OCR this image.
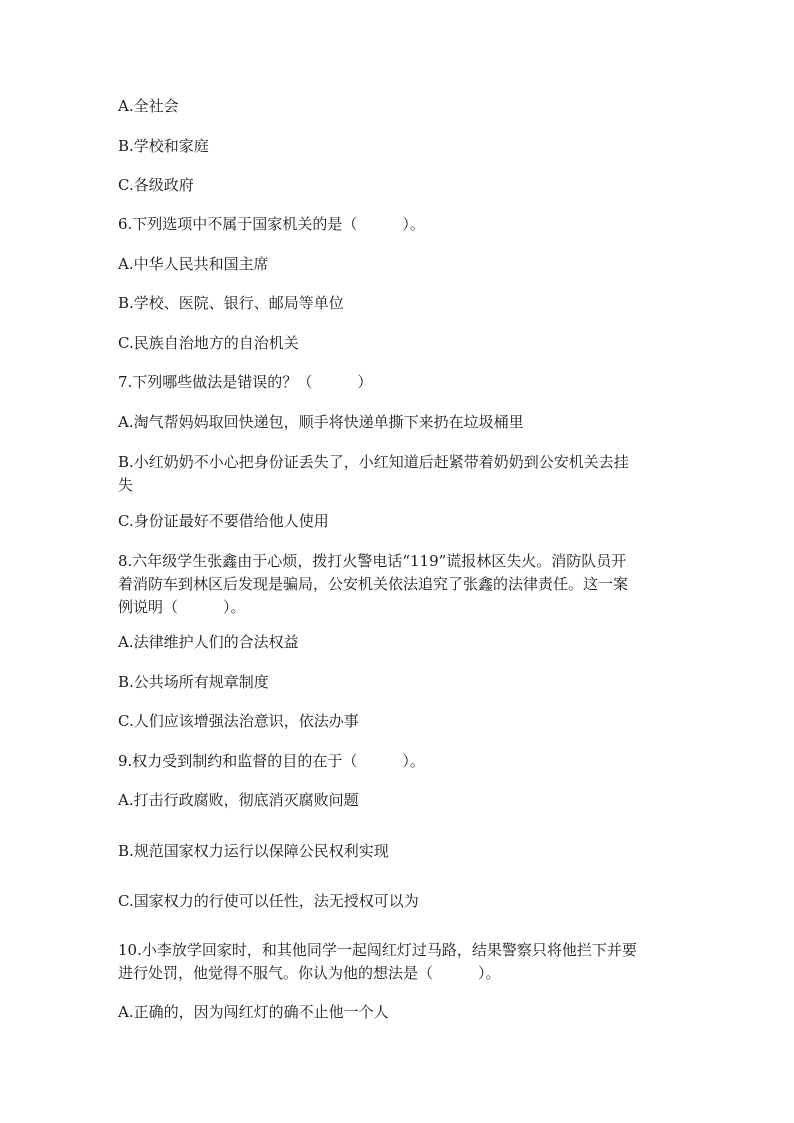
A.全社会

B.学校和家庭

C.各级政府

6.下列选项中不属于国家机关的是（　　　）。

A.中华人民共和国主席

B.学校、医院、银行、邮局等单位

C.民族自治地方的自治机关

7.下列哪些做法是错误的？（　　　）

A.淘气帮妈妈取回快递包，顺手将快递单撕下来扔在垃圾桶里

B.小红奶奶不小心把身份证丢失了，小红知道后赶紧带着奶奶到公安机关去挂

失

C.身份证最好不要借给他人使用

8.六年级学生张鑫由于心烦，拨打火警电话“119”谎报林区失火。消防队员开

着消防车到林区后发现是骗局，公安机关依法追究了张鑫的法律责任。这一案

例说明（　　　）。

A.法律维护人们的合法权益

B.公共场所有规章制度

C.人们应该增强法治意识，依法办事

9.权力受到制约和监督的目的在于（　　　）。

A.打击行政腐败，彻底消灭腐败问题

B.规范国家权力运行以保障公民权利实现

C.国家权力的行使可以任性，法无授权可以为

10.小李放学回家时，和其他同学一起闯红灯过马路，结果警察只将他拦下并要

进行处罚，他觉得不服气。你认为他的想法是（　　　）。

A.正确的，因为闯红灯的确不止他一个人
